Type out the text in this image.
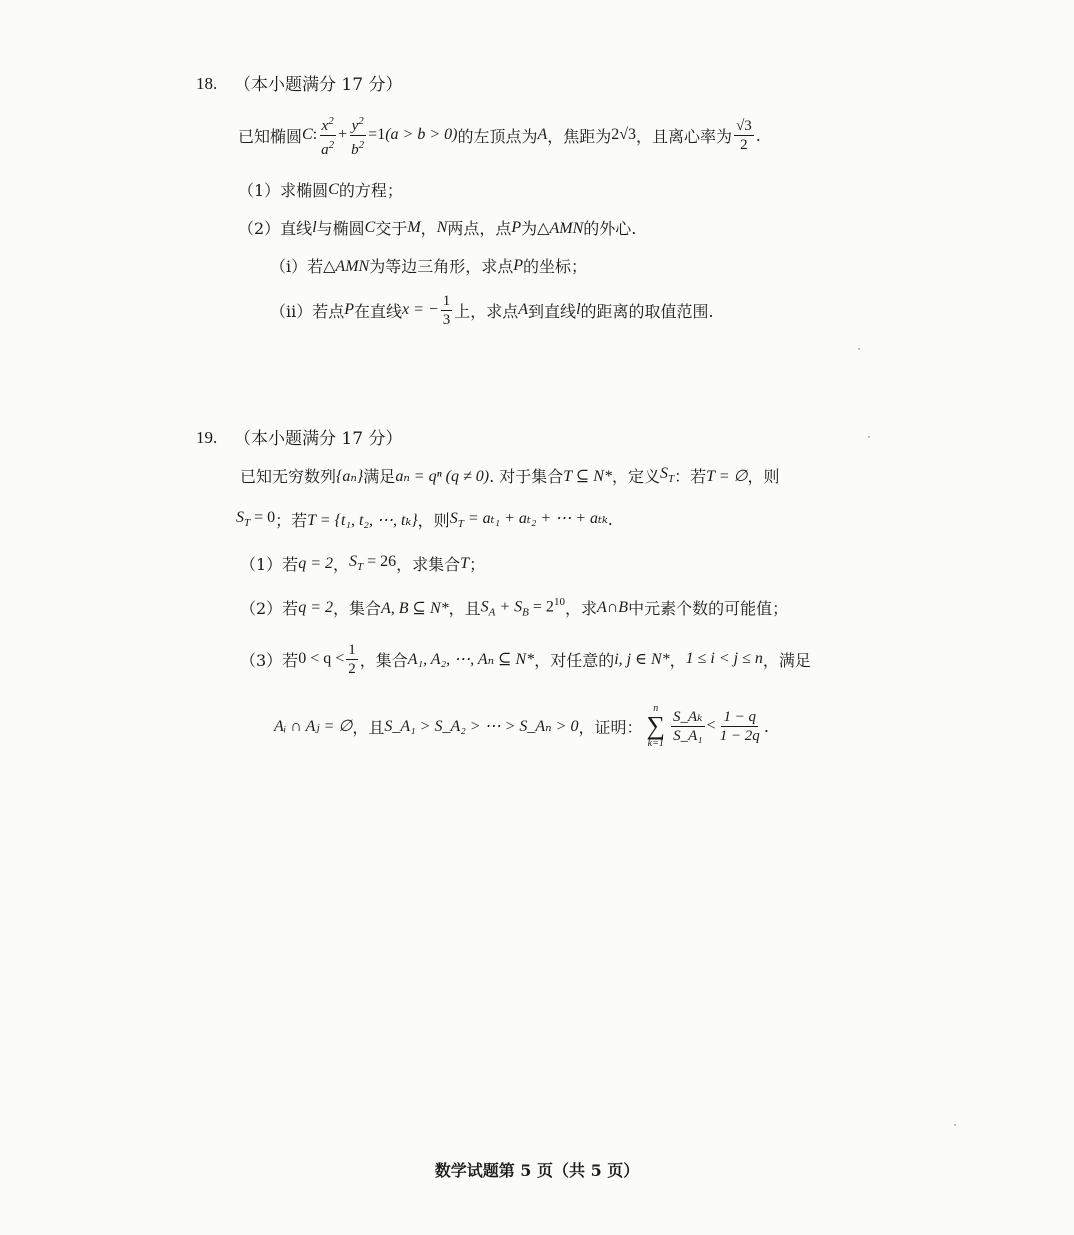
18. （本小题满分 17 分）
已知椭圆 C : $\frac{x^2}{a^2} + \frac{y^2}{b^2} =1$ (a > b > 0) 的左顶点为 A ，焦距为 2√3 ，且离心率为 $\frac{√3}{2}$ .
（1）求椭圆 C 的方程；
（2）直线 l 与椭圆 C 交于 M ， N 两点，点 P 为 △AMN 的外心.
（ⅰ）若 △AMN 为等边三角形，求点 P 的坐标；
（ⅱ）若点 P 在直线 x = − $\frac{1}{3}$ 上，求点 A 到直线 l 的距离的取值范围.
19. （本小题满分 17 分）
已知无穷数列 {aₙ} 满足 aₙ = qⁿ (q ≠ 0) . 对于集合 T ⊆ N* ，定义 $S_T$ ：若 T = ∅ ，则
$S_T = 0$ ；若 T = {t₁, t₂, ⋯, tₖ} ，则 $S_T = a_{t1} + a_{t2}$ + ⋯ + aₜₖ .
（1）若 q = 2 ， $S_T = 26$ ，求集合 T ；
（2）若 q = 2 ，集合 A, B ⊆ N* ，且 $S_A + S_B = 2^{10}$ ，求 A∩B 中元素个数的可能值；
（3）若 $0 < q < \frac{1}{2}$ ，集合 A₁, A₂, ⋯, Aₙ ⊆ N* ，对任意的 i, j ∈ N* ， 1 ≤ i < j ≤ n ，满足
Aᵢ ∩ Aⱼ = ∅ ，且 S_A₁ > S_A₂ > ⋯ > S_Aₙ > 0 ，证明：
n
∑
$k=1 \frac{\text{S\_Aₖ}}{\text{S\_A₁}} < \frac{1 - q}{1 - 2q}$ .
数学试题第 5 页（共 5 页）
